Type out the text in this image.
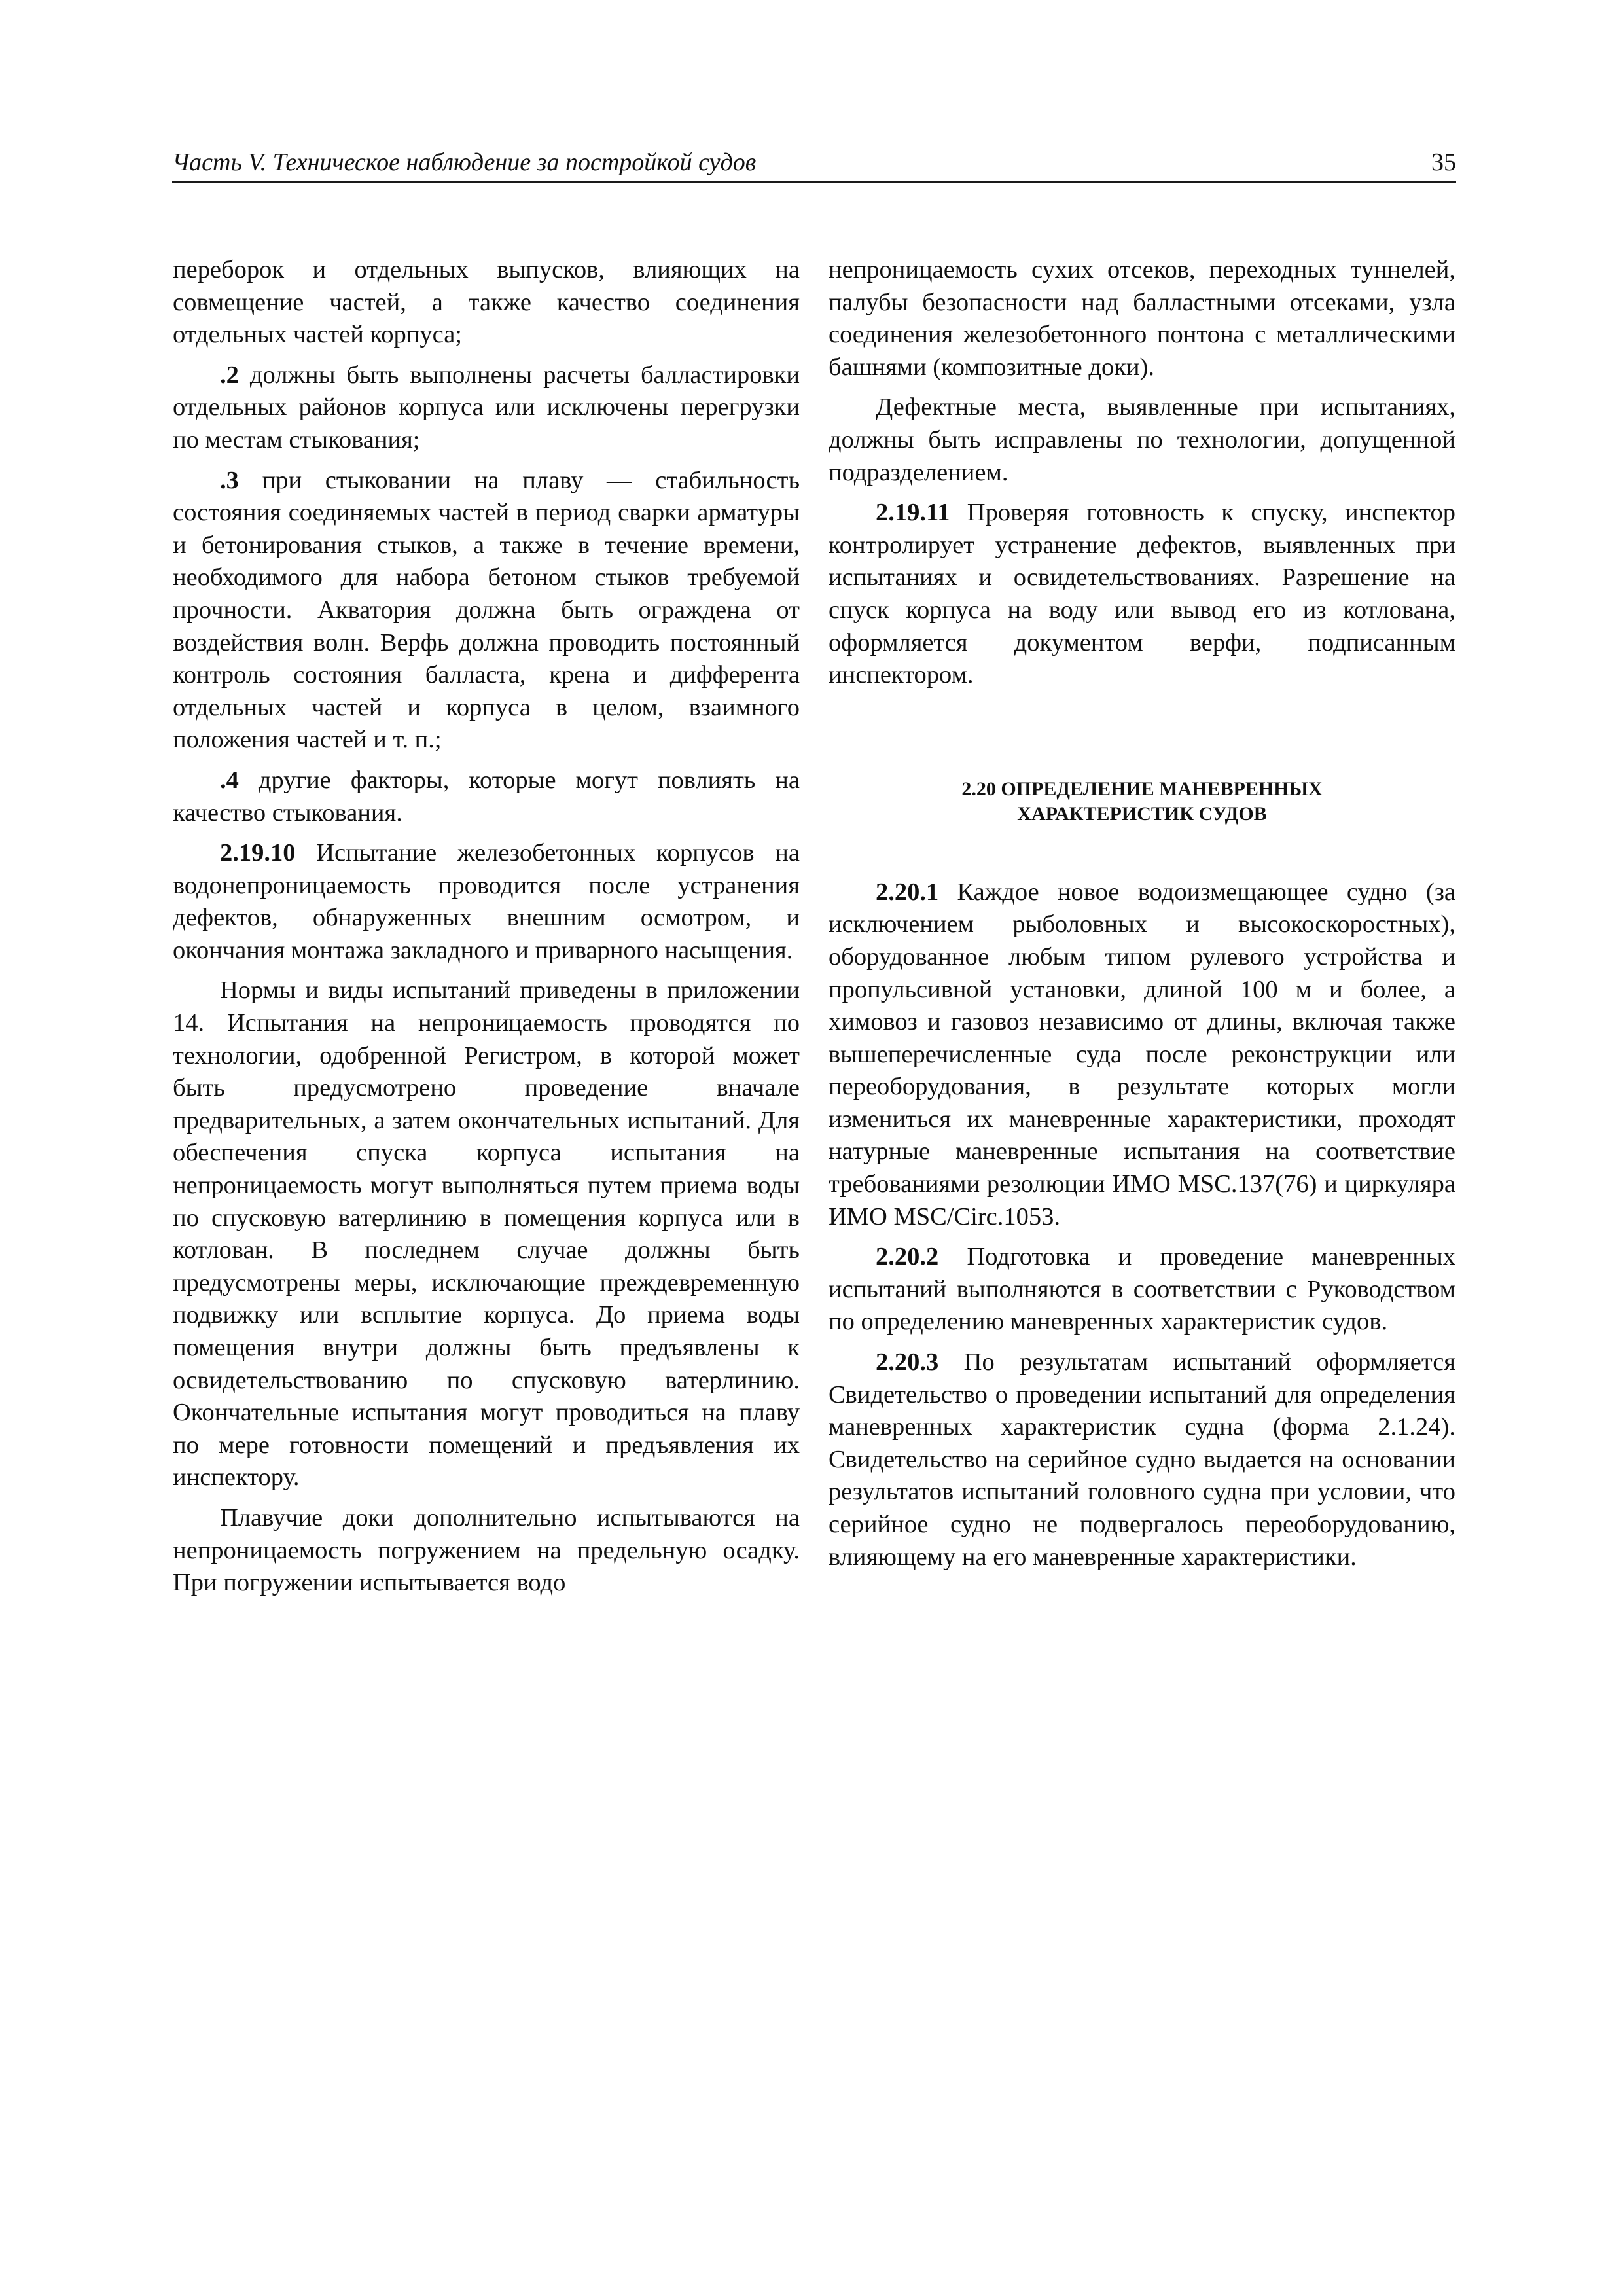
Часть V. Техническое наблюдение за постройкой судов	35

переборок и отдельных выпусков, влияющих на совмещение частей, а также качество соединения отдельных частей корпуса;

.2 должны быть выполнены расчеты балластировки отдельных районов корпуса или исключены перегрузки по местам стыкования;

.3 при стыковании на плаву — стабильность состояния соединяемых частей в период сварки арматуры и бетонирования стыков, а также в течение времени, необходимого для набора бетоном стыков требуемой прочности. Акватория должна быть ограждена от воздействия волн. Верфь должна проводить постоянный контроль состояния балласта, крена и дифферента отдельных частей и корпуса в целом, взаимного положения частей и т. п.;

.4 другие факторы, которые могут повлиять на качество стыкования.

2.19.10 Испытание железобетонных корпусов на водонепроницаемость проводится после устранения дефектов, обнаруженных внешним осмотром, и окончания монтажа закладного и приварного насыщения.

Нормы и виды испытаний приведены в приложении 14. Испытания на непроницаемость проводятся по технологии, одобренной Регистром, в которой может быть предусмотрено проведение вначале предварительных, а затем окончательных испытаний. Для обеспечения спуска корпуса испытания на непроницаемость могут выполняться путем приема воды по спусковую ватерлинию в помещения корпуса или в котлован. В последнем случае должны быть предусмотрены меры, исключающие преждевременную подвижку или всплытие корпуса. До приема воды помещения внутри должны быть предъявлены к освидетельствованию по спусковую ватерлинию. Окончательные испытания могут проводиться на плаву по мере готовности помещений и предъявления их инспектору.

Плавучие доки дополнительно испытываются на непроницаемость погружением на предельную осадку. При погружении испытывается водо

непроницаемость сухих отсеков, переходных туннелей, палубы безопасности над балластными отсеками, узла соединения железобетонного понтона с металлическими башнями (композитные доки).

Дефектные места, выявленные при испытаниях, должны быть исправлены по технологии, допущенной подразделением.

2.19.11 Проверяя готовность к спуску, инспектор контролирует устранение дефектов, выявленных при испытаниях и освидетельствованиях. Разрешение на спуск корпуса на воду или вывод его из котлована, оформляется документом верфи, подписанным инспектором.

2.20 ОПРЕДЕЛЕНИЕ МАНЕВРЕННЫХ
ХАРАКТЕРИСТИК СУДОВ

2.20.1 Каждое новое водоизмещающее судно (за исключением рыболовных и высокоскоростных), оборудованное любым типом рулевого устройства и пропульсивной установки, длиной 100 м и более, а химовоз и газовоз независимо от длины, включая также вышеперечисленные суда после реконструкции или переоборудования, в результате которых могли измениться их маневренные характеристики, проходят натурные маневренные испытания на соответствие требованиями резолюции ИМО MSC.137(76) и циркуляра ИМО MSC/Circ.1053.

2.20.2 Подготовка и проведение маневренных испытаний выполняются в соответствии с Руководством по определению маневренных характеристик судов.

2.20.3 По результатам испытаний оформляется Свидетельство о проведении испытаний для определения маневренных характеристик судна (форма 2.1.24). Свидетельство на серийное судно выдается на основании результатов испытаний головного судна при условии, что серийное судно не подвергалось переоборудованию, влияющему на его маневренные характеристики.
